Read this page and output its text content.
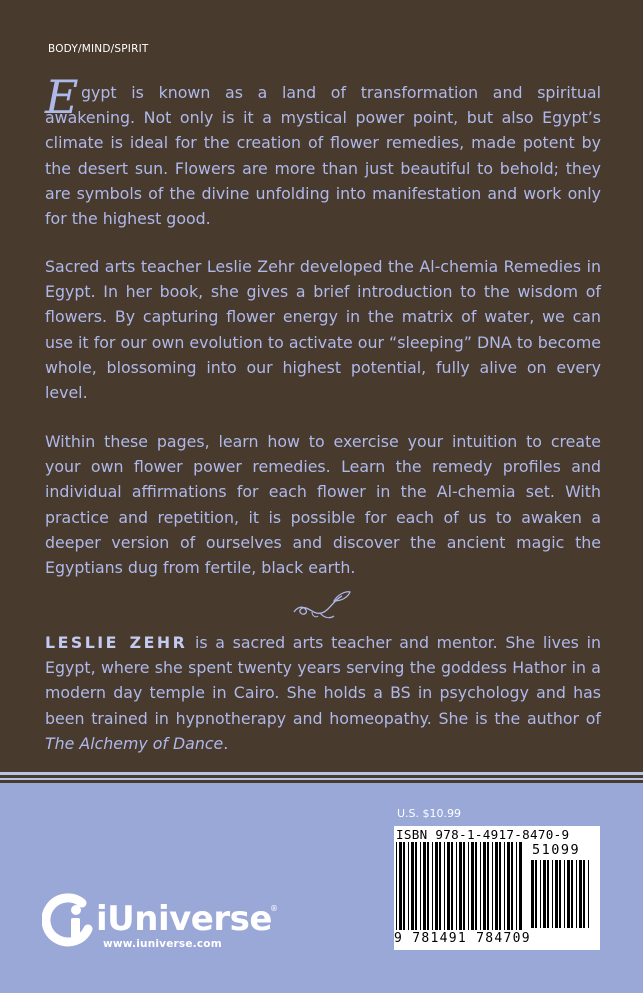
BODY/MIND/SPIRIT
E gypt is known as a land of transformation and spiritual awakening. Not only is it a mystical power point, but also Egypt’s climate is ideal for the creation of flower remedies, made potent by the desert sun. Flowers are more than just beautiful to behold; they are symbols of the divine unfolding into manifestation and work only for the highest good.
Sacred arts teacher Leslie Zehr developed the Al-chemia Remedies in Egypt. In her book, she gives a brief introduction to the wisdom of flowers. By capturing flower energy in the matrix of water, we can use it for our own evolution to activate our “sleeping” DNA to become whole, blossoming into our highest potential, fully alive on every level.
Within these pages, learn how to exercise your intuition to create your own flower power remedies. Learn the remedy profiles and individual affirmations for each flower in the Al-chemia set. With practice and repetition, it is possible for each of us to awaken a deeper version of ourselves and discover the ancient magic the Egyptians dug from fertile, black earth.
LESLIE ZEHR is a sacred arts teacher and mentor. She lives in Egypt, where she spent twenty years serving the goddess Hathor in a modern day temple in Cairo. She holds a BS in psychology and has been trained in hypnotherapy and homeopathy. She is the author of The Alchemy of Dance.
U.S. $10.99
ISBN 978-1-4917-8470-9
51099
9 781491 784709
iUniverse
®
www.iuniverse.com
